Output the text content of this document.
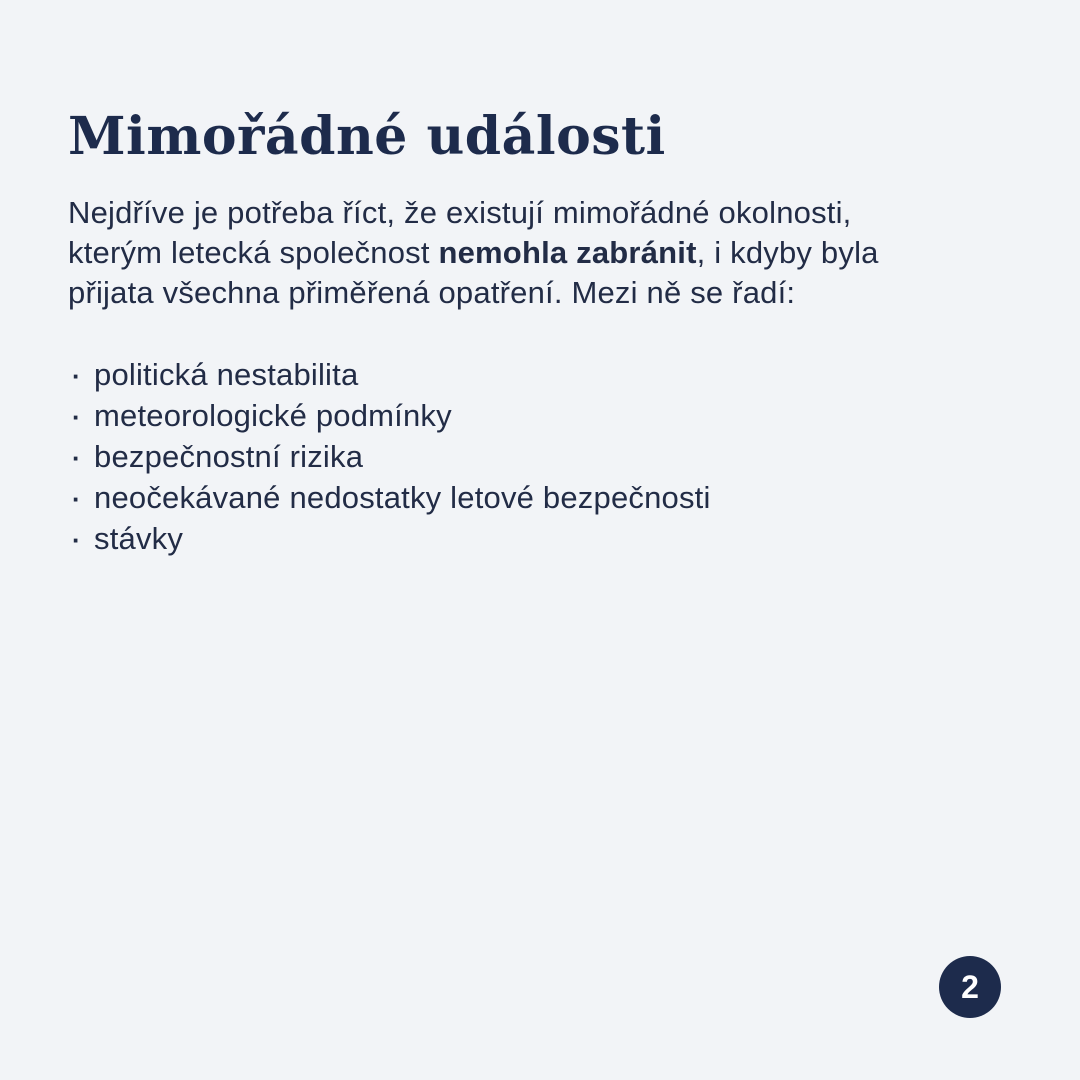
Mimořádné události

Nejdříve je potřeba říct, že existují mimořádné okolnosti, kterým letecká společnost nemohla zabránit, i kdyby byla přijata všechna přiměřená opatření. Mezi ně se řadí:

· politická nestabilita
· meteorologické podmínky
· bezpečnostní rizika
· neočekávané nedostatky letové bezpečnosti
· stávky
2
